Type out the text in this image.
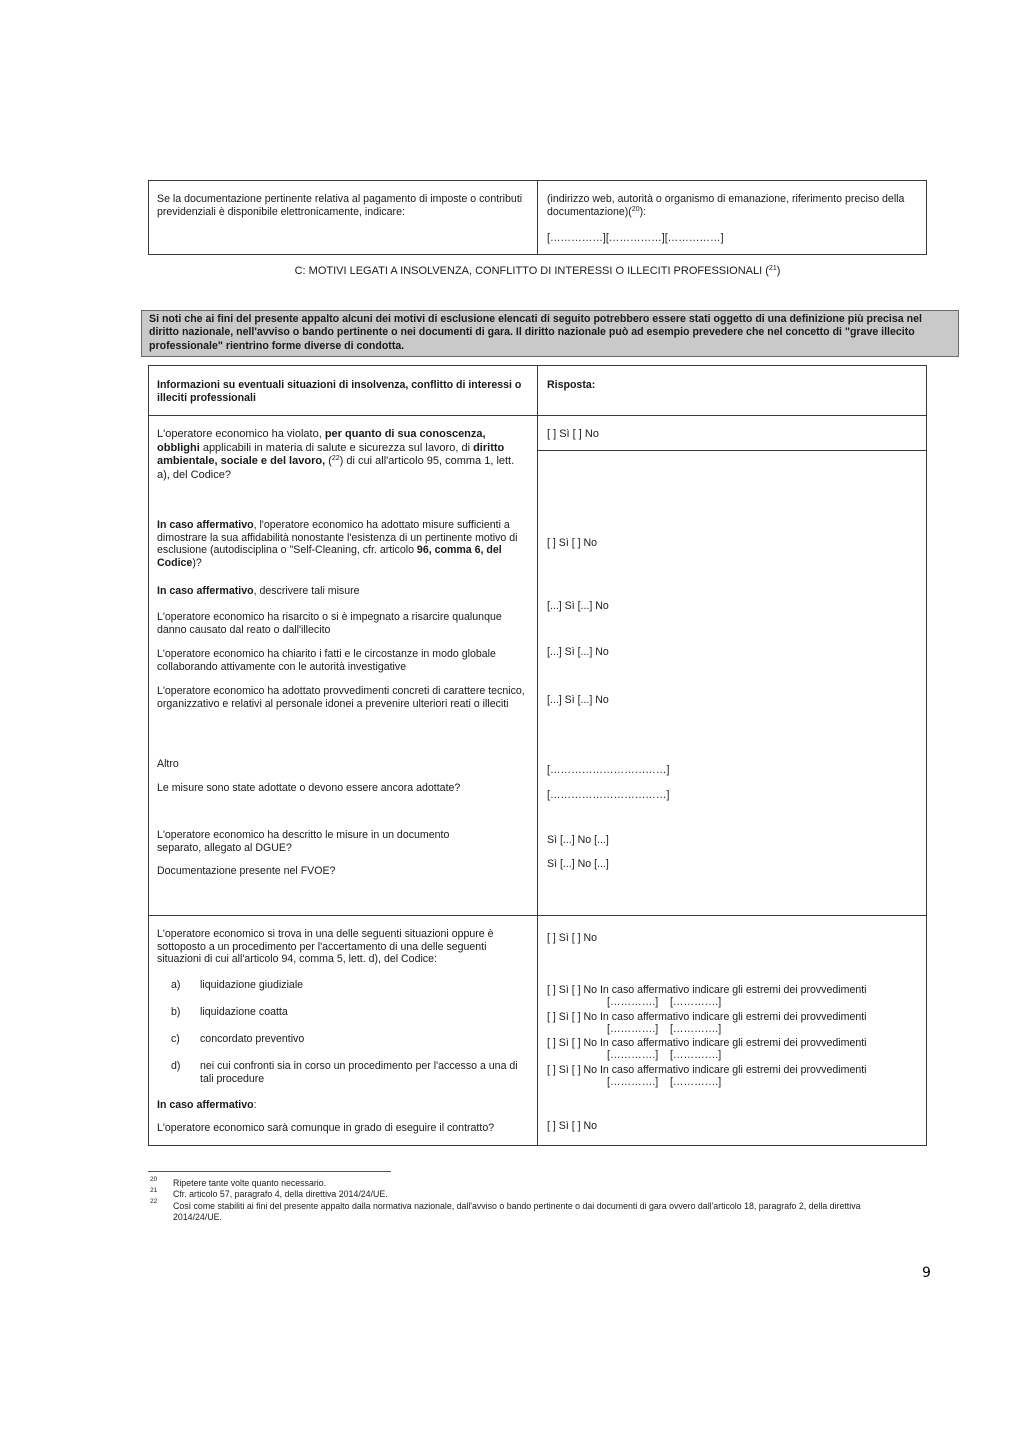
Se la documentazione pertinente relativa al pagamento di imposte o contributi previdenziali è disponibile elettronicamente, indicare:
(indirizzo web, autorità o organismo di emanazione, riferimento preciso della documentazione)($^{20}$):
[……………][……………][……………]
C: MOTIVI LEGATI A INSOLVENZA, CONFLITTO DI INTERESSI O ILLECITI PROFESSIONALI ($^{21}$)
Si noti che ai fini del presente appalto alcuni dei motivi di esclusione elencati di seguito potrebbero essere stati oggetto di una definizione più precisa nel diritto nazionale, nell'avviso o bando pertinente o nei documenti di gara. Il diritto nazionale può ad esempio prevedere che nel concetto di "grave illecito professionale" rientrino forme diverse di condotta.
Informazioni su eventuali situazioni di insolvenza, conflitto di interessi o illeciti professionali
Risposta:
L'operatore economico ha violato, per quanto di sua conoscenza, obblighi applicabili in materia di salute e sicurezza sul lavoro, di diritto ambientale, sociale e del lavoro, ($^{22}$) di cui all'articolo 95, comma 1, lett. a), del Codice?
[ ] Sì [ ] No
In caso affermativo, l'operatore economico ha adottato misure sufficienti a dimostrare la sua affidabilità nonostante l'esistenza di un pertinente motivo di esclusione (autodisciplina o "Self-Cleaning, cfr. articolo 96, comma 6, del Codice)?
[ ] Sì [ ] No
In caso affermativo, descrivere tali misure
L'operatore economico ha risarcito o si è impegnato a risarcire qualunque danno causato dal reato o dall'illecito
L'operatore economico ha chiarito i fatti e le circostanze in modo globale collaborando attivamente con le autorità investigative
L'operatore economico ha adottato provvedimenti concreti di carattere tecnico, organizzativo e relativi al personale idonei a prevenire ulteriori reati o illeciti
[...] Sì [...] No
[...] Sì [...] No
[...] Sì [...] No
Altro
Le misure sono state adottate o devono essere ancora adottate?
[……………………………]
[……………………………]
L'operatore economico ha descritto le misure in un documento separato, allegato al DGUE?
Documentazione presente nel FVOE?
Sì [...] No [...]
Sì [...] No [...]
L'operatore economico si trova in una delle seguenti situazioni oppure è sottoposto a un procedimento per l'accertamento di una delle seguenti situazioni di cui all'articolo 94, comma 5, lett. d), del Codice:
[ ] Sì [ ] No
a) liquidazione giudiziale
b) liquidazione coatta
c) concordato preventivo
d) nei cui confronti sia in corso un procedimento per l'accesso a una di tali procedure
[ ] Sì [ ] No In caso affermativo indicare gli estremi dei provvedimenti
[………….]    [………….]
[ ] Sì [ ] No In caso affermativo indicare gli estremi dei provvedimenti
[………….]    [………….]
[ ] Sì [ ] No In caso affermativo indicare gli estremi dei provvedimenti
[………….]    [………….]
[ ] Sì [ ] No In caso affermativo indicare gli estremi dei provvedimenti
[………….]    [………….]
In caso affermativo:
L'operatore economico sarà comunque in grado di eseguire il contratto?	[ ] Sì [ ] No
20 Ripetere tante volte quanto necessario.
21 Cfr. articolo 57, paragrafo 4, della direttiva 2014/24/UE.
22 Così come stabiliti ai fini del presente appalto dalla normativa nazionale, dall'avviso o bando pertinente o dai documenti di gara ovvero dall'articolo 18, paragrafo 2, della direttiva 2014/24/UE.
9
